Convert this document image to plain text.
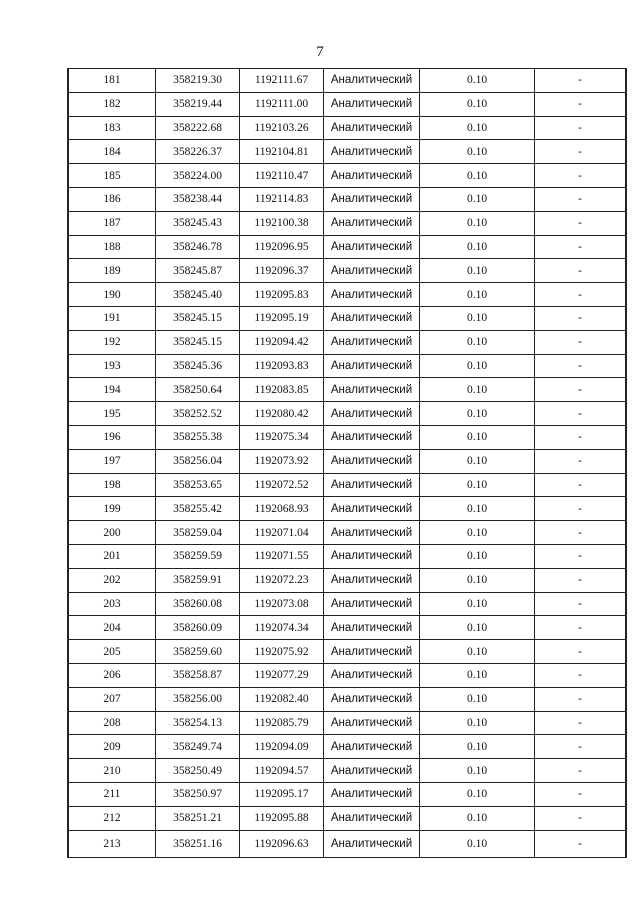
7
181	358219.30	1192111.67	Аналитический	0.10	-
182	358219.44	1192111.00	Аналитический	0.10	-
183	358222.68	1192103.26	Аналитический	0.10	-
184	358226.37	1192104.81	Аналитический	0.10	-
185	358224.00	1192110.47	Аналитический	0.10	-
186	358238.44	1192114.83	Аналитический	0.10	-
187	358245.43	1192100.38	Аналитический	0.10	-
188	358246.78	1192096.95	Аналитический	0.10	-
189	358245.87	1192096.37	Аналитический	0.10	-
190	358245.40	1192095.83	Аналитический	0.10	-
191	358245.15	1192095.19	Аналитический	0.10	-
192	358245.15	1192094.42	Аналитический	0.10	-
193	358245.36	1192093.83	Аналитический	0.10	-
194	358250.64	1192083.85	Аналитический	0.10	-
195	358252.52	1192080.42	Аналитический	0.10	-
196	358255.38	1192075.34	Аналитический	0.10	-
197	358256.04	1192073.92	Аналитический	0.10	-
198	358253.65	1192072.52	Аналитический	0.10	-
199	358255.42	1192068.93	Аналитический	0.10	-
200	358259.04	1192071.04	Аналитический	0.10	-
201	358259.59	1192071.55	Аналитический	0.10	-
202	358259.91	1192072.23	Аналитический	0.10	-
203	358260.08	1192073.08	Аналитический	0.10	-
204	358260.09	1192074.34	Аналитический	0.10	-
205	358259.60	1192075.92	Аналитический	0.10	-
206	358258.87	1192077.29	Аналитический	0.10	-
207	358256.00	1192082.40	Аналитический	0.10	-
208	358254.13	1192085.79	Аналитический	0.10	-
209	358249.74	1192094.09	Аналитический	0.10	-
210	358250.49	1192094.57	Аналитический	0.10	-
211	358250.97	1192095.17	Аналитический	0.10	-
212	358251.21	1192095.88	Аналитический	0.10	-
213	358251.16	1192096.63	Аналитический	0.10	-
